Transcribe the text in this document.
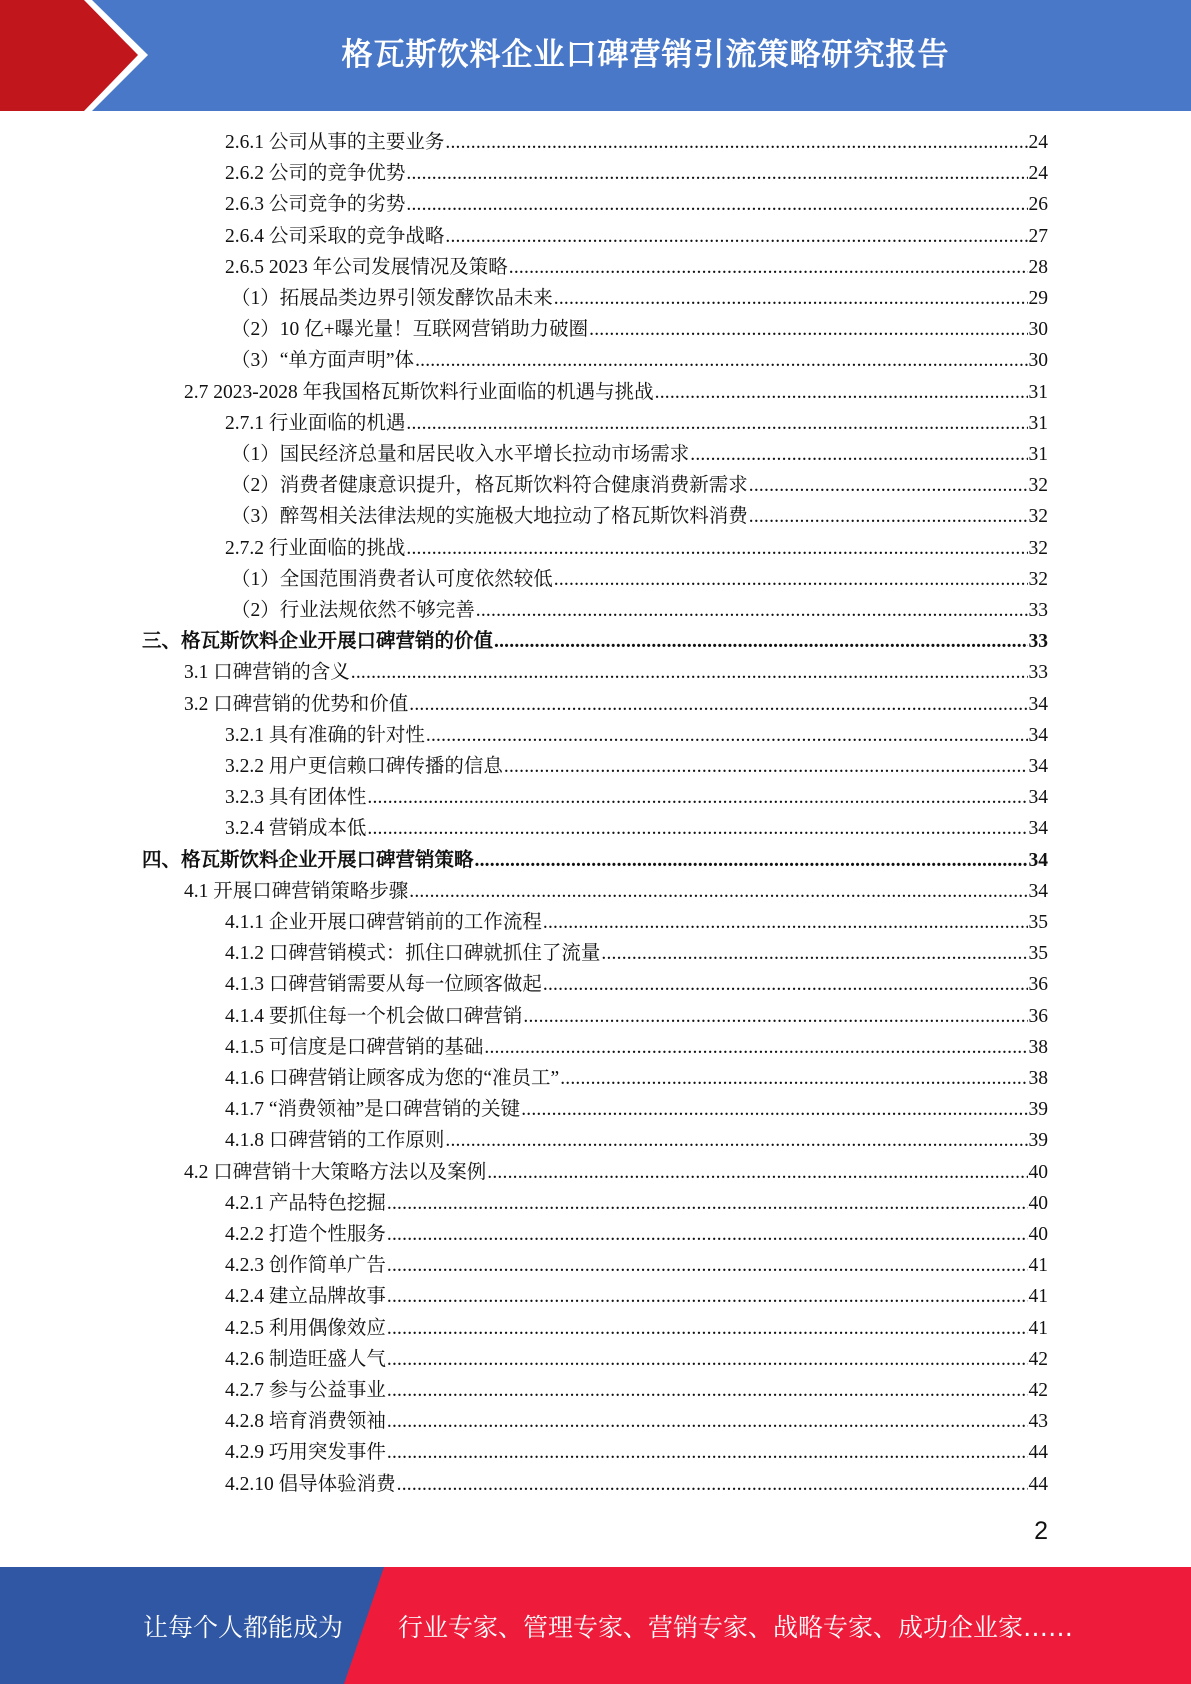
格瓦斯饮料企业口碑营销引流策略研究报告
2.6.1 公司从事的主要业务 .....	24
2.6.2 公司的竞争优势 .....	24
2.6.3 公司竞争的劣势 .....	26
2.6.4 公司采取的竞争战略 .....	27
2.6.5 2023 年公司发展情况及策略 .....	28
（1）拓展品类边界引领发酵饮品未来 .....	29
（2）10 亿+曝光量！互联网营销助力破圈 .....	30
（3）“单方面声明”体 .....	30
2.7 2023-2028 年我国格瓦斯饮料行业面临的机遇与挑战 .....	31
2.7.1 行业面临的机遇 .....	31
（1）国民经济总量和居民收入水平增长拉动市场需求 .....	31
（2）消费者健康意识提升，格瓦斯饮料符合健康消费新需求 .....	32
（3）醉驾相关法律法规的实施极大地拉动了格瓦斯饮料消费 .....	32
2.7.2 行业面临的挑战 .....	32
（1）全国范围消费者认可度依然较低 .....	32
（2）行业法规依然不够完善 .....	33
三、格瓦斯饮料企业开展口碑营销的价值 .....	33
3.1 口碑营销的含义 .....	33
3.2 口碑营销的优势和价值 .....	34
3.2.1 具有准确的针对性 .....	34
3.2.2 用户更信赖口碑传播的信息 .....	34
3.2.3 具有团体性 .....	34
3.2.4 营销成本低 .....	34
四、格瓦斯饮料企业开展口碑营销策略 .....	34
4.1 开展口碑营销策略步骤 .....	34
4.1.1 企业开展口碑营销前的工作流程 .....	35
4.1.2 口碑营销模式：抓住口碑就抓住了流量 .....	35
4.1.3 口碑营销需要从每一位顾客做起 .....	36
4.1.4 要抓住每一个机会做口碑营销 .....	36
4.1.5 可信度是口碑营销的基础 .....	38
4.1.6 口碑营销让顾客成为您的“准员工” .....	38
4.1.7 “消费领袖”是口碑营销的关键 .....	39
4.1.8 口碑营销的工作原则 .....	39
4.2 口碑营销十大策略方法以及案例 .....	40
4.2.1 产品特色挖掘 .....	40
4.2.2 打造个性服务 .....	40
4.2.3 创作简单广告 .....	41
4.2.4 建立品牌故事 .....	41
4.2.5 利用偶像效应 .....	41
4.2.6 制造旺盛人气 .....	42
4.2.7 参与公益事业 .....	42
4.2.8 培育消费领袖 .....	43
4.2.9 巧用突发事件 .....	44
4.2.10 倡导体验消费 .....	44
2
让每个人都能成为 行业专家、管理专家、营销专家、战略专家、成功企业家……
